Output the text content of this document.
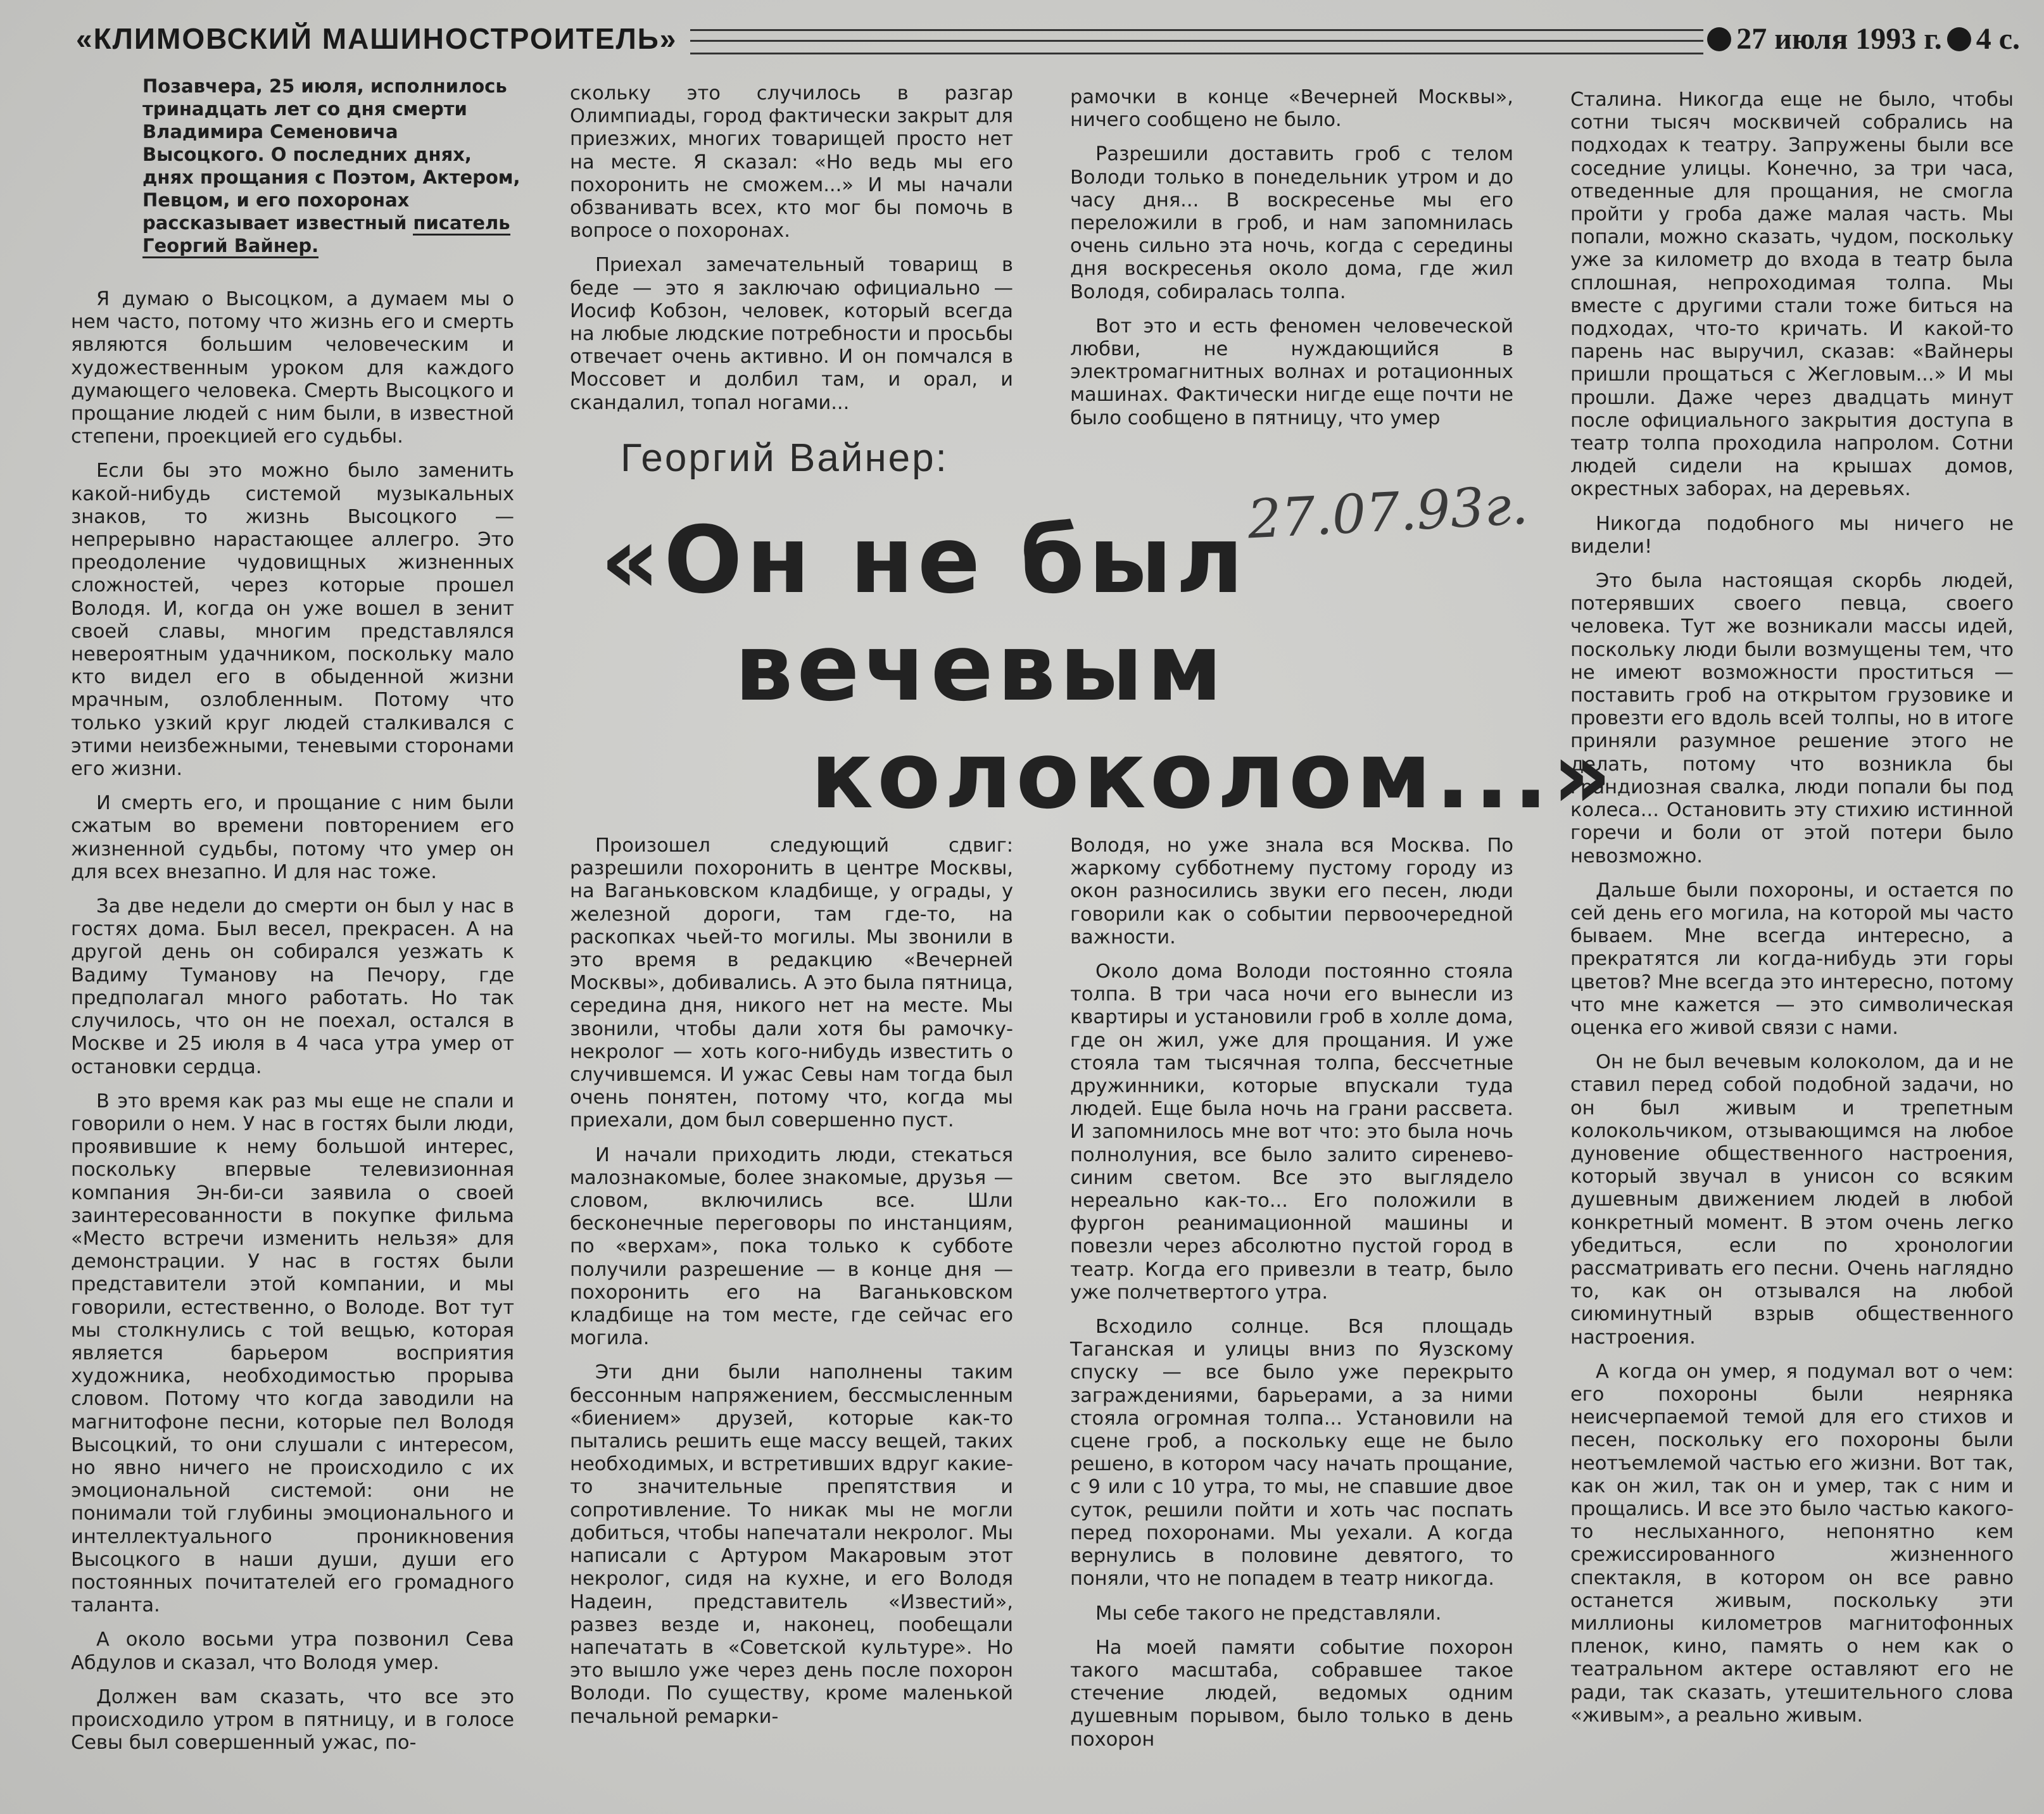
«КЛИМОВСКИЙ МАШИНОСТРОИТЕЛЬ»	27 июля 1993 г. 4 с.

Позавчера, 25 июля, исполнилось тринадцать лет со дня смерти Владимира Семеновича Высоцкого. О последних днях, днях прощания с Поэтом, Актером, Певцом, и его похоронах рассказывает известный писатель Георгий Вайнер.

Я думаю о Высоцком, а думаем мы о нем часто, потому что жизнь его и смерть являются большим человеческим и художественным уроком для каждого думающего человека. Смерть Высоцкого и прощание людей с ним были, в известной степени, проекцией его судьбы.

Если бы это можно было заменить какой-нибудь системой музыкальных знаков, то жизнь Высоцкого — непрерывно нарастающее аллегро. Это преодоление чудовищных жизненных сложностей, через которые прошел Володя. И, когда он уже вошел в зенит своей славы, многим представлялся невероятным удачником, поскольку мало кто видел его в обыденной жизни мрачным, озлобленным. Потому что только узкий круг людей сталкивался с этими неизбежными, теневыми сторонами его жизни.

И смерть его, и прощание с ним были сжатым во времени повторением его жизненной судьбы, потому что умер он для всех внезапно. И для нас тоже.

За две недели до смерти он был у нас в гостях дома. Был весел, прекрасен. А на другой день он собирался уезжать к Вадиму Туманову на Печору, где предполагал много работать. Но так случилось, что он не поехал, остался в Москве и 25 июля в 4 часа утра умер от остановки сердца.

В это время как раз мы еще не спали и говорили о нем. У нас в гостях были люди, проявившие к нему большой интерес, поскольку впервые телевизионная компания Эн-би-си заявила о своей заинтересованности в покупке фильма «Место встречи изменить нельзя» для демонстрации. У нас в гостях были представители этой компании, и мы говорили, естественно, о Володе. Вот тут мы столкнулись с той вещью, которая является барьером восприятия художника, необходимостью прорыва словом. Потому что когда заводили на магнитофоне песни, которые пел Володя Высоцкий, то они слушали с интересом, но явно ничего не происходило с их эмоциональной системой: они не понимали той глубины эмоционального и интеллектуального проникновения Высоцкого в наши души, души его постоянных почитателей его громадного таланта.

А около восьми утра позвонил Сева Абдулов и сказал, что Володя умер.

Должен вам сказать, что все это происходило утром в пятницу, и в голосе Севы был совершенный ужас, по-

скольку это случилось в разгар Олимпиады, город фактически закрыт для приезжих, многих товарищей просто нет на месте. Я сказал: «Но ведь мы его похоронить не сможем...» И мы начали обзванивать всех, кто мог бы помочь в вопросе о похоронах.

Приехал замечательный товарищ в беде — это я заключаю официально — Иосиф Кобзон, человек, который всегда на любые людские потребности и просьбы отвечает очень активно. И он помчался в Моссовет и долбил там, и орал, и скандалил, топал ногами...

рамочки в конце «Вечерней Москвы», ничего сообщено не было.

Разрешили доставить гроб с телом Володи только в понедельник утром и до часу дня... В воскресенье мы его переложили в гроб, и нам запомнилась очень сильно эта ночь, когда с середины дня воскресенья около дома, где жил Володя, собиралась толпа.

Вот это и есть феномен человеческой любви, не нуждающийся в электромагнитных волнах и ротационных машинах. Фактически нигде еще почти не было сообщено в пятницу, что умер

Сталина. Никогда еще не было, чтобы сотни тысяч москвичей собрались на подходах к театру. Запружены были все соседние улицы. Конечно, за три часа, отведенные для прощания, не смогла пройти у гроба даже малая часть. Мы попали, можно сказать, чудом, поскольку уже за километр до входа в театр была сплошная, непроходимая толпа. Мы вместе с другими стали тоже биться на подходах, что-то кричать. И какой-то парень нас выручил, сказав: «Вайнеры пришли прощаться с Жегловым...» И мы прошли. Даже через двадцать минут после официального закрытия доступа в театр толпа проходила напролом. Сотни людей сидели на крышах домов, окрестных заборах, на деревьях.

Никогда подобного мы ничего не видели!

Это была настоящая скорбь людей, потерявших своего певца, своего человека. Тут же возникали массы идей, поскольку люди были возмущены тем, что не имеют возможности проститься — поставить гроб на открытом грузовике и провезти его вдоль всей толпы, но в итоге приняли разумное решение этого не делать, потому что возникла бы грандиозная свалка, люди попали бы под колеса... Остановить эту стихию истинной горечи и боли от этой потери было невозможно.

Дальше были похороны, и остается по сей день его могила, на которой мы часто бываем. Мне всегда интересно, а прекратятся ли когда-нибудь эти горы цветов? Мне всегда это интересно, потому что мне кажется — это символическая оценка его живой связи с нами.

Он не был вечевым колоколом, да и не ставил перед собой подобной задачи, но он был живым и трепетным колокольчиком, отзывающимся на любое дуновение общественного настроения, который звучал в унисон со всяким душевным движением людей в любой конкретный момент. В этом очень легко убедиться, если по хронологии рассматривать его песни. Очень наглядно то, как он отзывался на любой сиюминутный взрыв общественного настроения.

А когда он умер, я подумал вот о чем: его похороны были неярняка неисчерпаемой темой для его стихов и песен, поскольку его похороны были неотъемлемой частью его жизни. Вот так, как он жил, так он и умер, так с ним и прощались. И все это было частью какого-то неслыханного, непонятно кем срежиссированного жизненного спектакля, в котором он все равно останется живым, поскольку эти миллионы километров магнитофонных пленок, кино, память о нем как о театральном актере оставляют его не ради, так сказать, утешительного слова «живым», а реально живым.

Георгий Вайнер:
27.07.93г.
«Он не был
вечевым
колоколом...»

Произошел следующий сдвиг: разрешили похоронить в центре Москвы, на Ваганьковском кладбище, у ограды, у железной дороги, там где-то, на раскопках чьей-то могилы. Мы звонили в это время в редакцию «Вечерней Москвы», добивались. А это была пятница, середина дня, никого нет на месте. Мы звонили, чтобы дали хотя бы рамочку-некролог — хоть кого-нибудь известить о случившемся. И ужас Севы нам тогда был очень понятен, потому что, когда мы приехали, дом был совершенно пуст.

И начали приходить люди, стекаться малознакомые, более знакомые, друзья — словом, включились все. Шли бесконечные переговоры по инстанциям, по «верхам», пока только к субботе получили разрешение — в конце дня — похоронить его на Ваганьковском кладбище на том месте, где сейчас его могила.

Эти дни были наполнены таким бессонным напряжением, бессмысленным «биением» друзей, которые как-то пытались решить еще массу вещей, таких необходимых, и встретивших вдруг какие-то значительные препятствия и сопротивление. То никак мы не могли добиться, чтобы напечатали некролог. Мы написали с Артуром Макаровым этот некролог, сидя на кухне, и его Володя Надеин, представитель «Известий», развез везде и, наконец, пообещали напечатать в «Советской культуре». Но это вышло уже через день после похорон Володи. По существу, кроме маленькой печальной ремарки-

Володя, но уже знала вся Москва. По жаркому субботнему пустому городу из окон разносились звуки его песен, люди говорили как о событии первоочередной важности.

Около дома Володи постоянно стояла толпа. В три часа ночи его вынесли из квартиры и установили гроб в холле дома, где он жил, уже для прощания. И уже стояла там тысячная толпа, бессчетные дружинники, которые впускали туда людей. Еще была ночь на грани рассвета. И запомнилось мне вот что: это была ночь полнолуния, все было залито сиренево-синим светом. Все это выглядело нереально как-то... Его положили в фургон реанимационной машины и повезли через абсолютно пустой город в театр. Когда его привезли в театр, было уже полчетвертого утра.

Всходило солнце. Вся площадь Таганская и улицы вниз по Яузскому спуску — все было уже перекрыто заграждениями, барьерами, а за ними стояла огромная толпа... Установили на сцене гроб, а поскольку еще не было решено, в котором часу начать прощание, с 9 или с 10 утра, то мы, не спавшие двое суток, решили пойти и хоть час поспать перед похоронами. Мы уехали. А когда вернулись в половине девятого, то поняли, что не попадем в театр никогда.

Мы себе такого не представляли.

На моей памяти событие похорон такого масштаба, собравшее такое стечение людей, ведомых одним душевным порывом, было только в день похорон
